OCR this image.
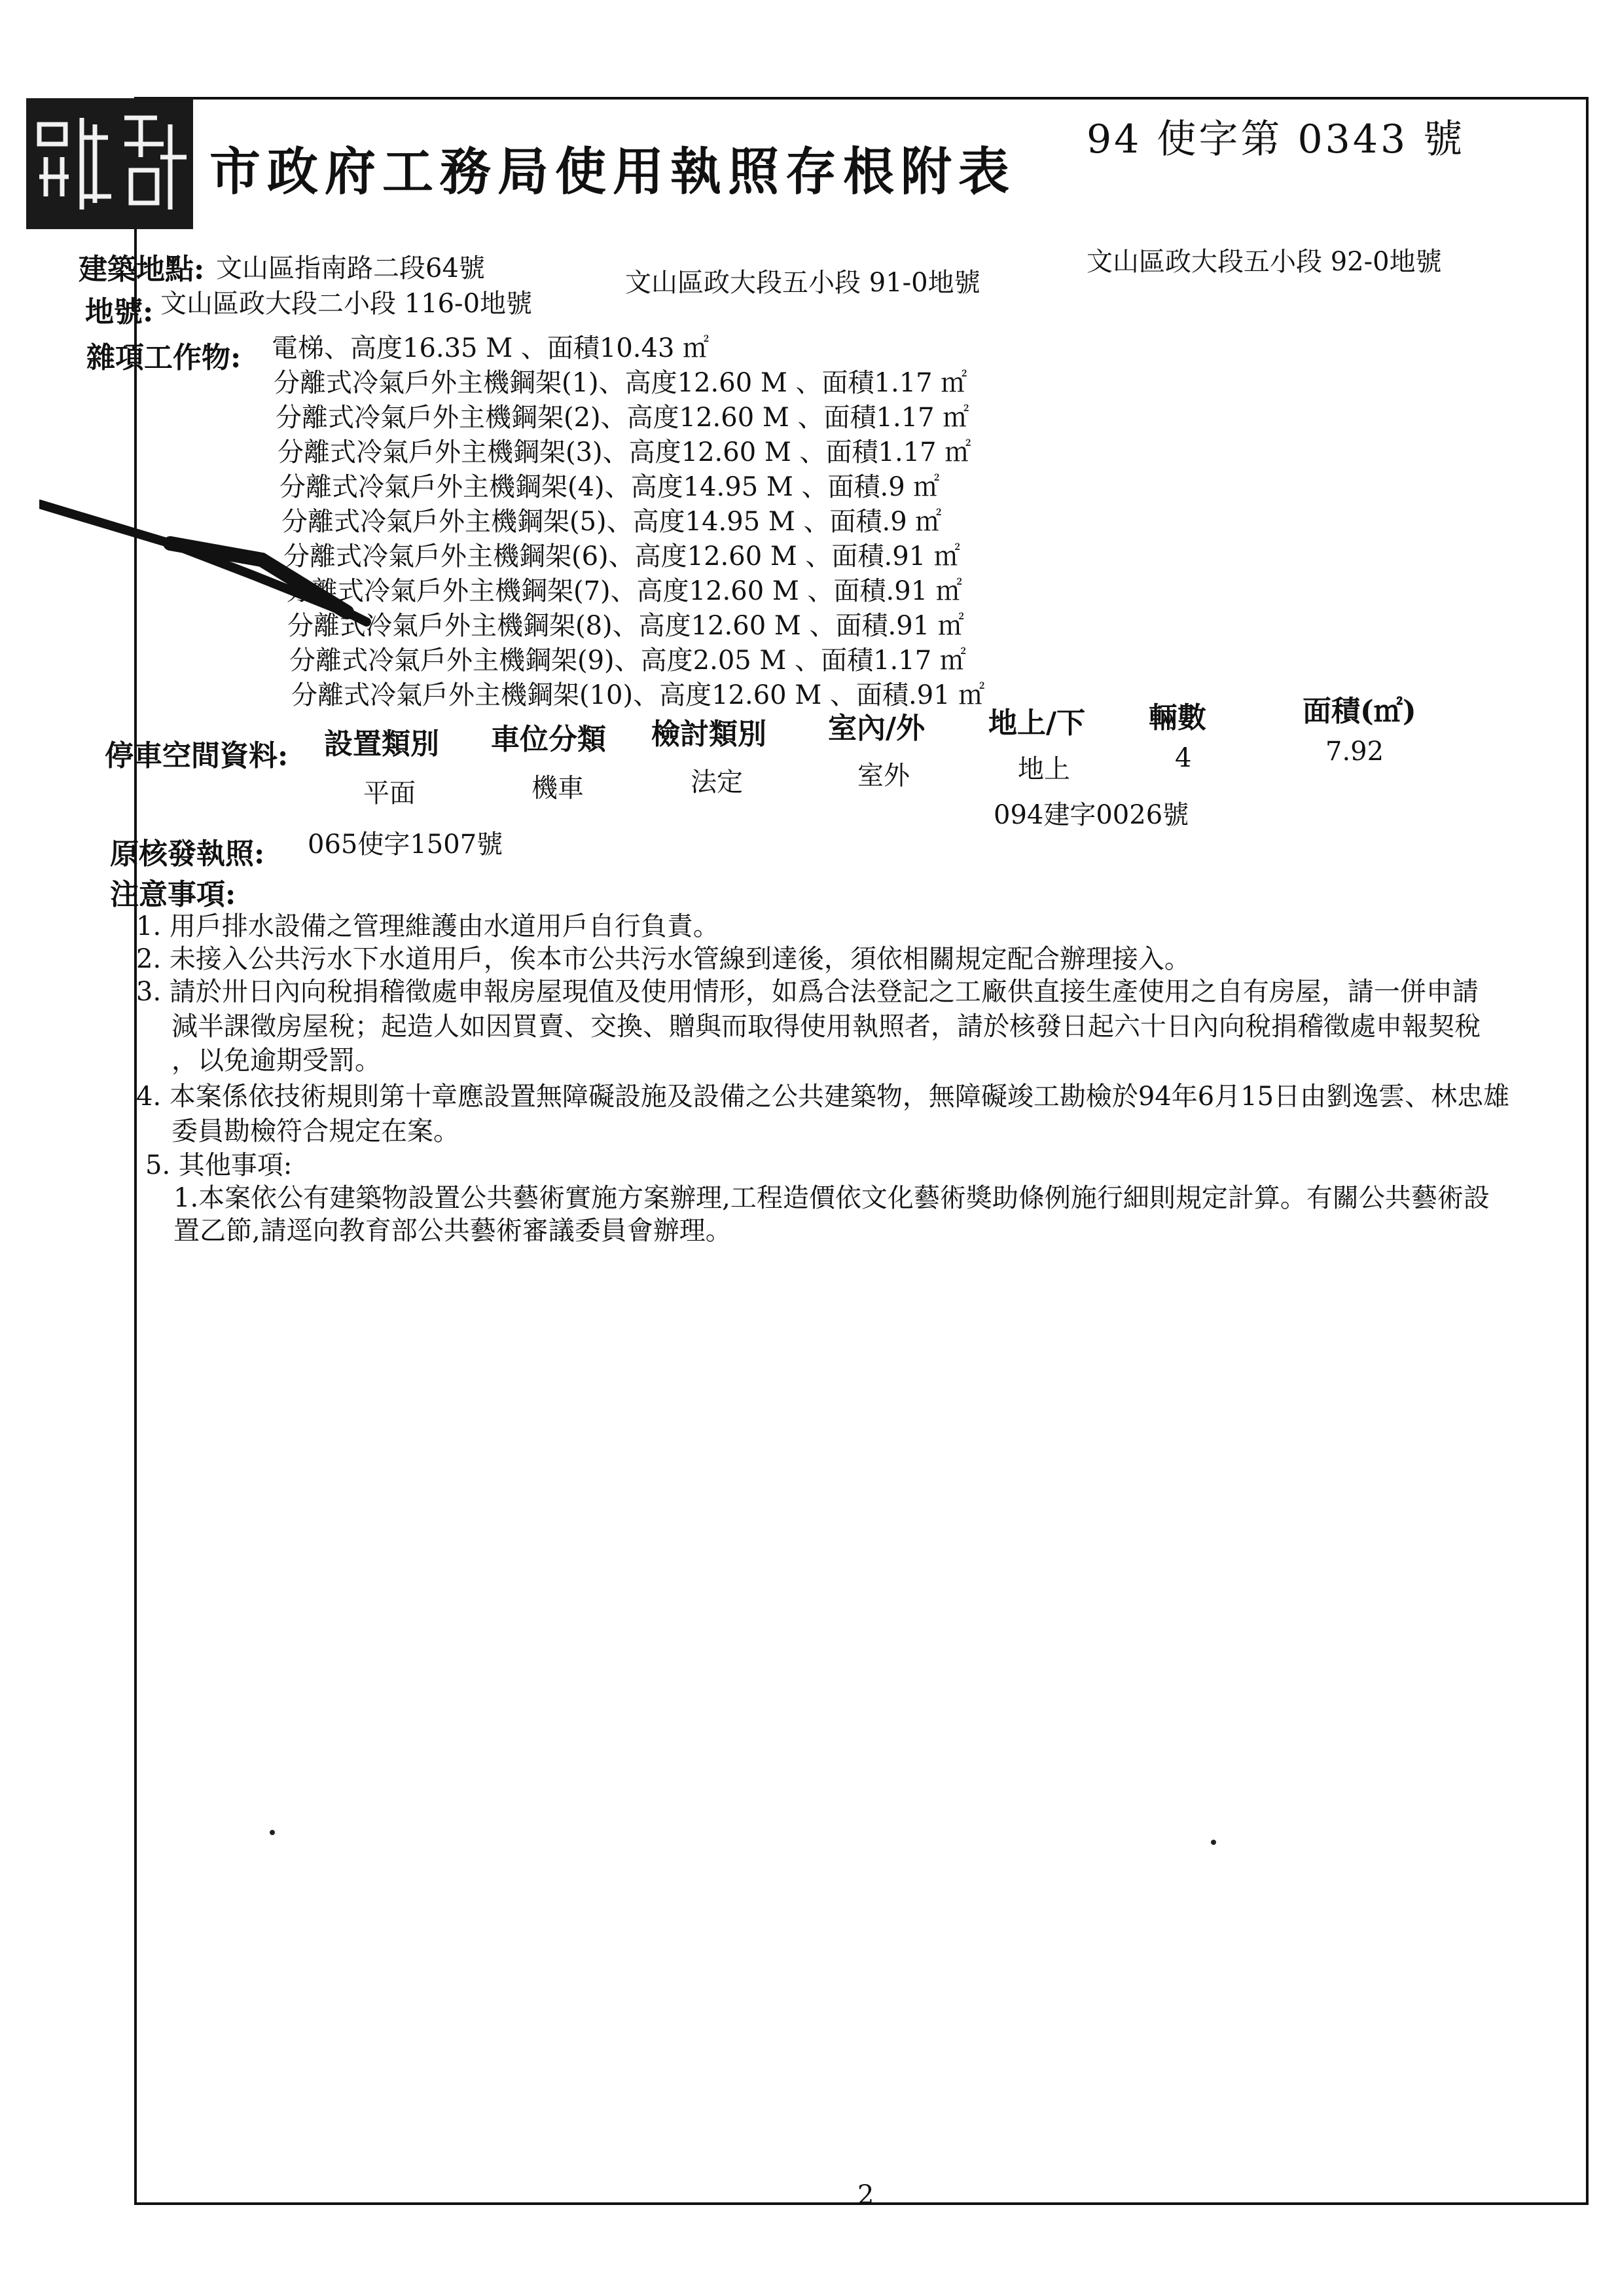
市政府工務局使用執照存根附表
94 使字第 0343 號
建築地點: 文山區指南路二段64號
地號: 文山區政大段二小段 116-0地號
文山區政大段五小段 91-0地號
文山區政大段五小段 92-0地號
雜項工作物: 電梯、高度16.35 M 、面積10.43 ㎡
分離式冷氣戶外主機鋼架(1)、高度12.60 M 、面積1.17 ㎡
分離式冷氣戶外主機鋼架(2)、高度12.60 M 、面積1.17 ㎡
分離式冷氣戶外主機鋼架(3)、高度12.60 M 、面積1.17 ㎡
分離式冷氣戶外主機鋼架(4)、高度14.95 M 、面積.9 ㎡
分離式冷氣戶外主機鋼架(5)、高度14.95 M 、面積.9 ㎡
分離式冷氣戶外主機鋼架(6)、高度12.60 M 、面積.91 ㎡
分離式冷氣戶外主機鋼架(7)、高度12.60 M 、面積.91 ㎡
分離式冷氣戶外主機鋼架(8)、高度12.60 M 、面積.91 ㎡
分離式冷氣戶外主機鋼架(9)、高度2.05 M 、面積1.17 ㎡
分離式冷氣戶外主機鋼架(10)、高度12.60 M 、面積.91 ㎡
停車空間資料: 設置類別 車位分類 檢討類別 室內/外 地上/下 輛數	面積(㎡)
平面	機車	法定	室外	地上	4	7.92
094建字0026號
原核發執照: 065使字1507號
注意事項:
1. 用戶排水設備之管理維護由水道用戶自行負責。
2. 未接入公共污水下水道用戶，俟本市公共污水管線到達後，須依相關規定配合辦理接入。
3. 請於卅日內向稅捐稽徵處申報房屋現值及使用情形，如爲合法登記之工廠供直接生產使用之自有房屋，請一併申請
減半課徵房屋稅；起造人如因買賣、交換、贈與而取得使用執照者，請於核發日起六十日內向稅捐稽徵處申報契稅
，以免逾期受罰。
4. 本案係依技術規則第十章應設置無障礙設施及設備之公共建築物，無障礙竣工勘檢於94年6月15日由劉逸雲、林忠雄
委員勘檢符合規定在案。
5. 其他事項:
1.本案依公有建築物設置公共藝術實施方案辦理,工程造價依文化藝術獎助條例施行細則規定計算。有關公共藝術設
置乙節,請逕向教育部公共藝術審議委員會辦理。
2
